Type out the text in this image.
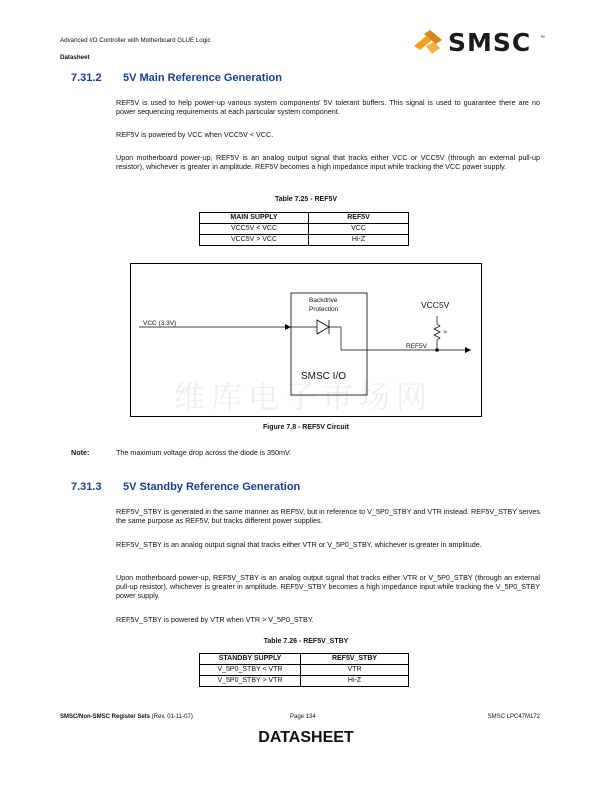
Advanced I/O Controller with Motherboard GLUE Logic
Datasheet
SMSC ™
7.31.2 5V Main Reference Generation

REF5V is used to help power-up various system components' 5V tolerant buffers. This signal is used to guarantee there are no power sequencing requirements at each particular system component.

REF5V is powered by VCC when VCC5V < VCC.

Upon motherboard power-up, REF5V is an analog output signal that tracks either VCC or VCC5V (through an external pull-up resistor), whichever is greater in amplitude. REF5V becomes a high impedance input while tracking the VCC power supply.

Table 7.25 - REF5V
MAIN SUPPLY	REF5V
VCC5V < VCC	VCC
VCC5V > VCC	Hi-Z
VCC (3.3V)
Backdrive
Protection	VCC5V
1k
REF5V
SMSC I/O
维库电子市场网
Figure 7.8 - REF5V Circuit
Note:	The maximum voltage drop across the diode is 350mV.
7.31.3 5V Standby Reference Generation

REF5V_STBY is generated in the same manner as REF5V, but in reference to V_5P0_STBY and VTR instead. REF5V_STBY serves the same purpose as REF5V, but tracks different power supplies.

REF5V_STBY is an analog output signal that tracks either VTR or V_5P0_STBY, whichever is greater in amplitude.

Upon motherboard power-up, REF5V_STBY is an analog output signal that tracks either VTR or V_5P0_STBY (through an external pull-up resistor), whichever is greater in amplitude. REF5V_STBY becomes a high impedance input while tracking the V_5P0_STBY power supply.

REF5V_STBY is powered by VTR when VTR > V_5P0_STBY.

Table 7.26 - REF5V_STBY
STANDBY SUPPLY	REF5V_STBY
V_5P0_STBY < VTR	VTR
V_5P0_STBY > VTR	Hi-Z
SMSC/Non-SMSC Register Sets (Rev. 01-11-07)	Page 134	SMSC LPC47M172
DATASHEET
